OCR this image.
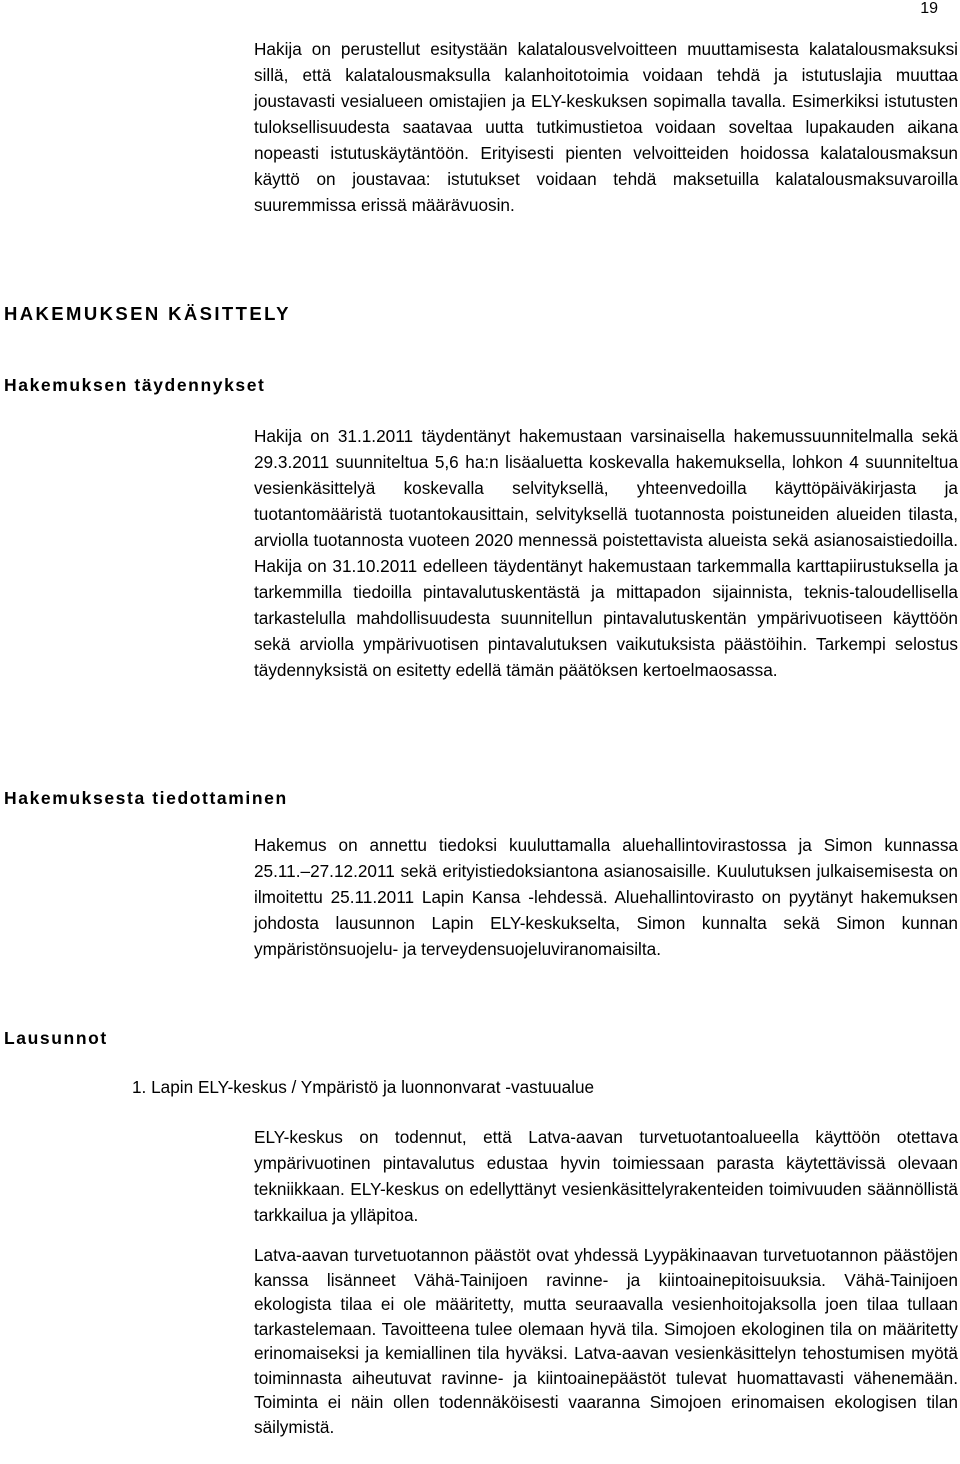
19

Hakija on perustellut esitystään kalatalousvelvoitteen muuttamisesta kalatalousmaksuksi sillä, että kalatalousmaksulla kalanhoitotoimia voidaan tehdä ja istutuslajia muuttaa joustavasti vesialueen omistajien ja ELY-keskuksen sopimalla tavalla. Esimerkiksi istutusten tuloksellisuudesta saatavaa uutta tutkimustietoa voidaan soveltaa lupakauden aikana nopeasti istutuskäytäntöön. Erityisesti pienten velvoitteiden hoidossa kalatalousmaksun käyttö on joustavaa: istutukset voidaan tehdä maksetuilla kalatalousmaksuvaroilla suuremmissa erissä määrävuosin.

HAKEMUKSEN KÄSITTELY
Hakemuksen täydennykset

Hakija on 31.1.2011 täydentänyt hakemustaan varsinaisella hakemussuunnitelmalla sekä 29.3.2011 suunniteltua 5,6 ha:n lisäaluetta koskevalla hakemuksella, lohkon 4 suunniteltua vesienkäsittelyä koskevalla selvityksellä, yhteenvedoilla käyttöpäiväkirjasta ja tuotantomääristä tuotantokausittain, selvityksellä tuotannosta poistuneiden alueiden tilasta, arviolla tuotannosta vuoteen 2020 mennessä poistettavista alueista sekä asianosaistiedoilla. Hakija on 31.10.2011 edelleen täydentänyt hakemustaan tarkemmalla karttapiirustuksella ja tarkemmilla tiedoilla pintavalutuskentästä ja mittapadon sijainnista, teknis-taloudellisella tarkastelulla mahdollisuudesta suunnitellun pintavalutuskentän ympärivuotiseen käyttöön sekä arviolla ympärivuotisen pintavalutuksen vaikutuksista päästöihin. Tarkempi selostus täydennyksistä on esitetty edellä tämän päätöksen kertoelmaosassa.

Hakemuksesta tiedottaminen

Hakemus on annettu tiedoksi kuuluttamalla aluehallintovirastossa ja Simon kunnassa 25.11.–27.12.2011 sekä erityistiedoksiantona asianosaisille. Kuulutuksen julkaisemisesta on ilmoitettu 25.11.2011 Lapin Kansa -lehdessä. Aluehallintovirasto on pyytänyt hakemuksen johdosta lausunnon Lapin ELY-keskukselta, Simon kunnalta sekä Simon kunnan ympäristönsuojelu- ja terveydensuojeluviranomaisilta.

Lausunnot

1. Lapin ELY-keskus / Ympäristö ja luonnonvarat -vastuualue

ELY-keskus on todennut, että Latva-aavan turvetuotantoalueella käyttöön otettava ympärivuotinen pintavalutus edustaa hyvin toimiessaan parasta käytettävissä olevaan tekniikkaan. ELY-keskus on edellyttänyt vesienkäsittelyrakenteiden toimivuuden säännöllistä tarkkailua ja ylläpitoa.

Latva-aavan turvetuotannon päästöt ovat yhdessä Lyypäkinaavan turvetuotannon päästöjen kanssa lisänneet Vähä-Tainijoen ravinne- ja kiintoainepitoisuuksia. Vähä-Tainijoen ekologista tilaa ei ole määritetty, mutta seuraavalla vesienhoitojaksolla joen tilaa tullaan tarkastelemaan. Tavoitteena tulee olemaan hyvä tila. Simojoen ekologinen tila on määritetty erinomaiseksi ja kemiallinen tila hyväksi. Latva-aavan vesienkäsittelyn tehostumisen myötä toiminnasta aiheutuvat ravinne- ja kiintoainepäästöt tulevat huomattavasti vähenemään. Toiminta ei näin ollen todennäköisesti vaaranna Simojoen erinomaisen ekologisen tilan säilymistä.
